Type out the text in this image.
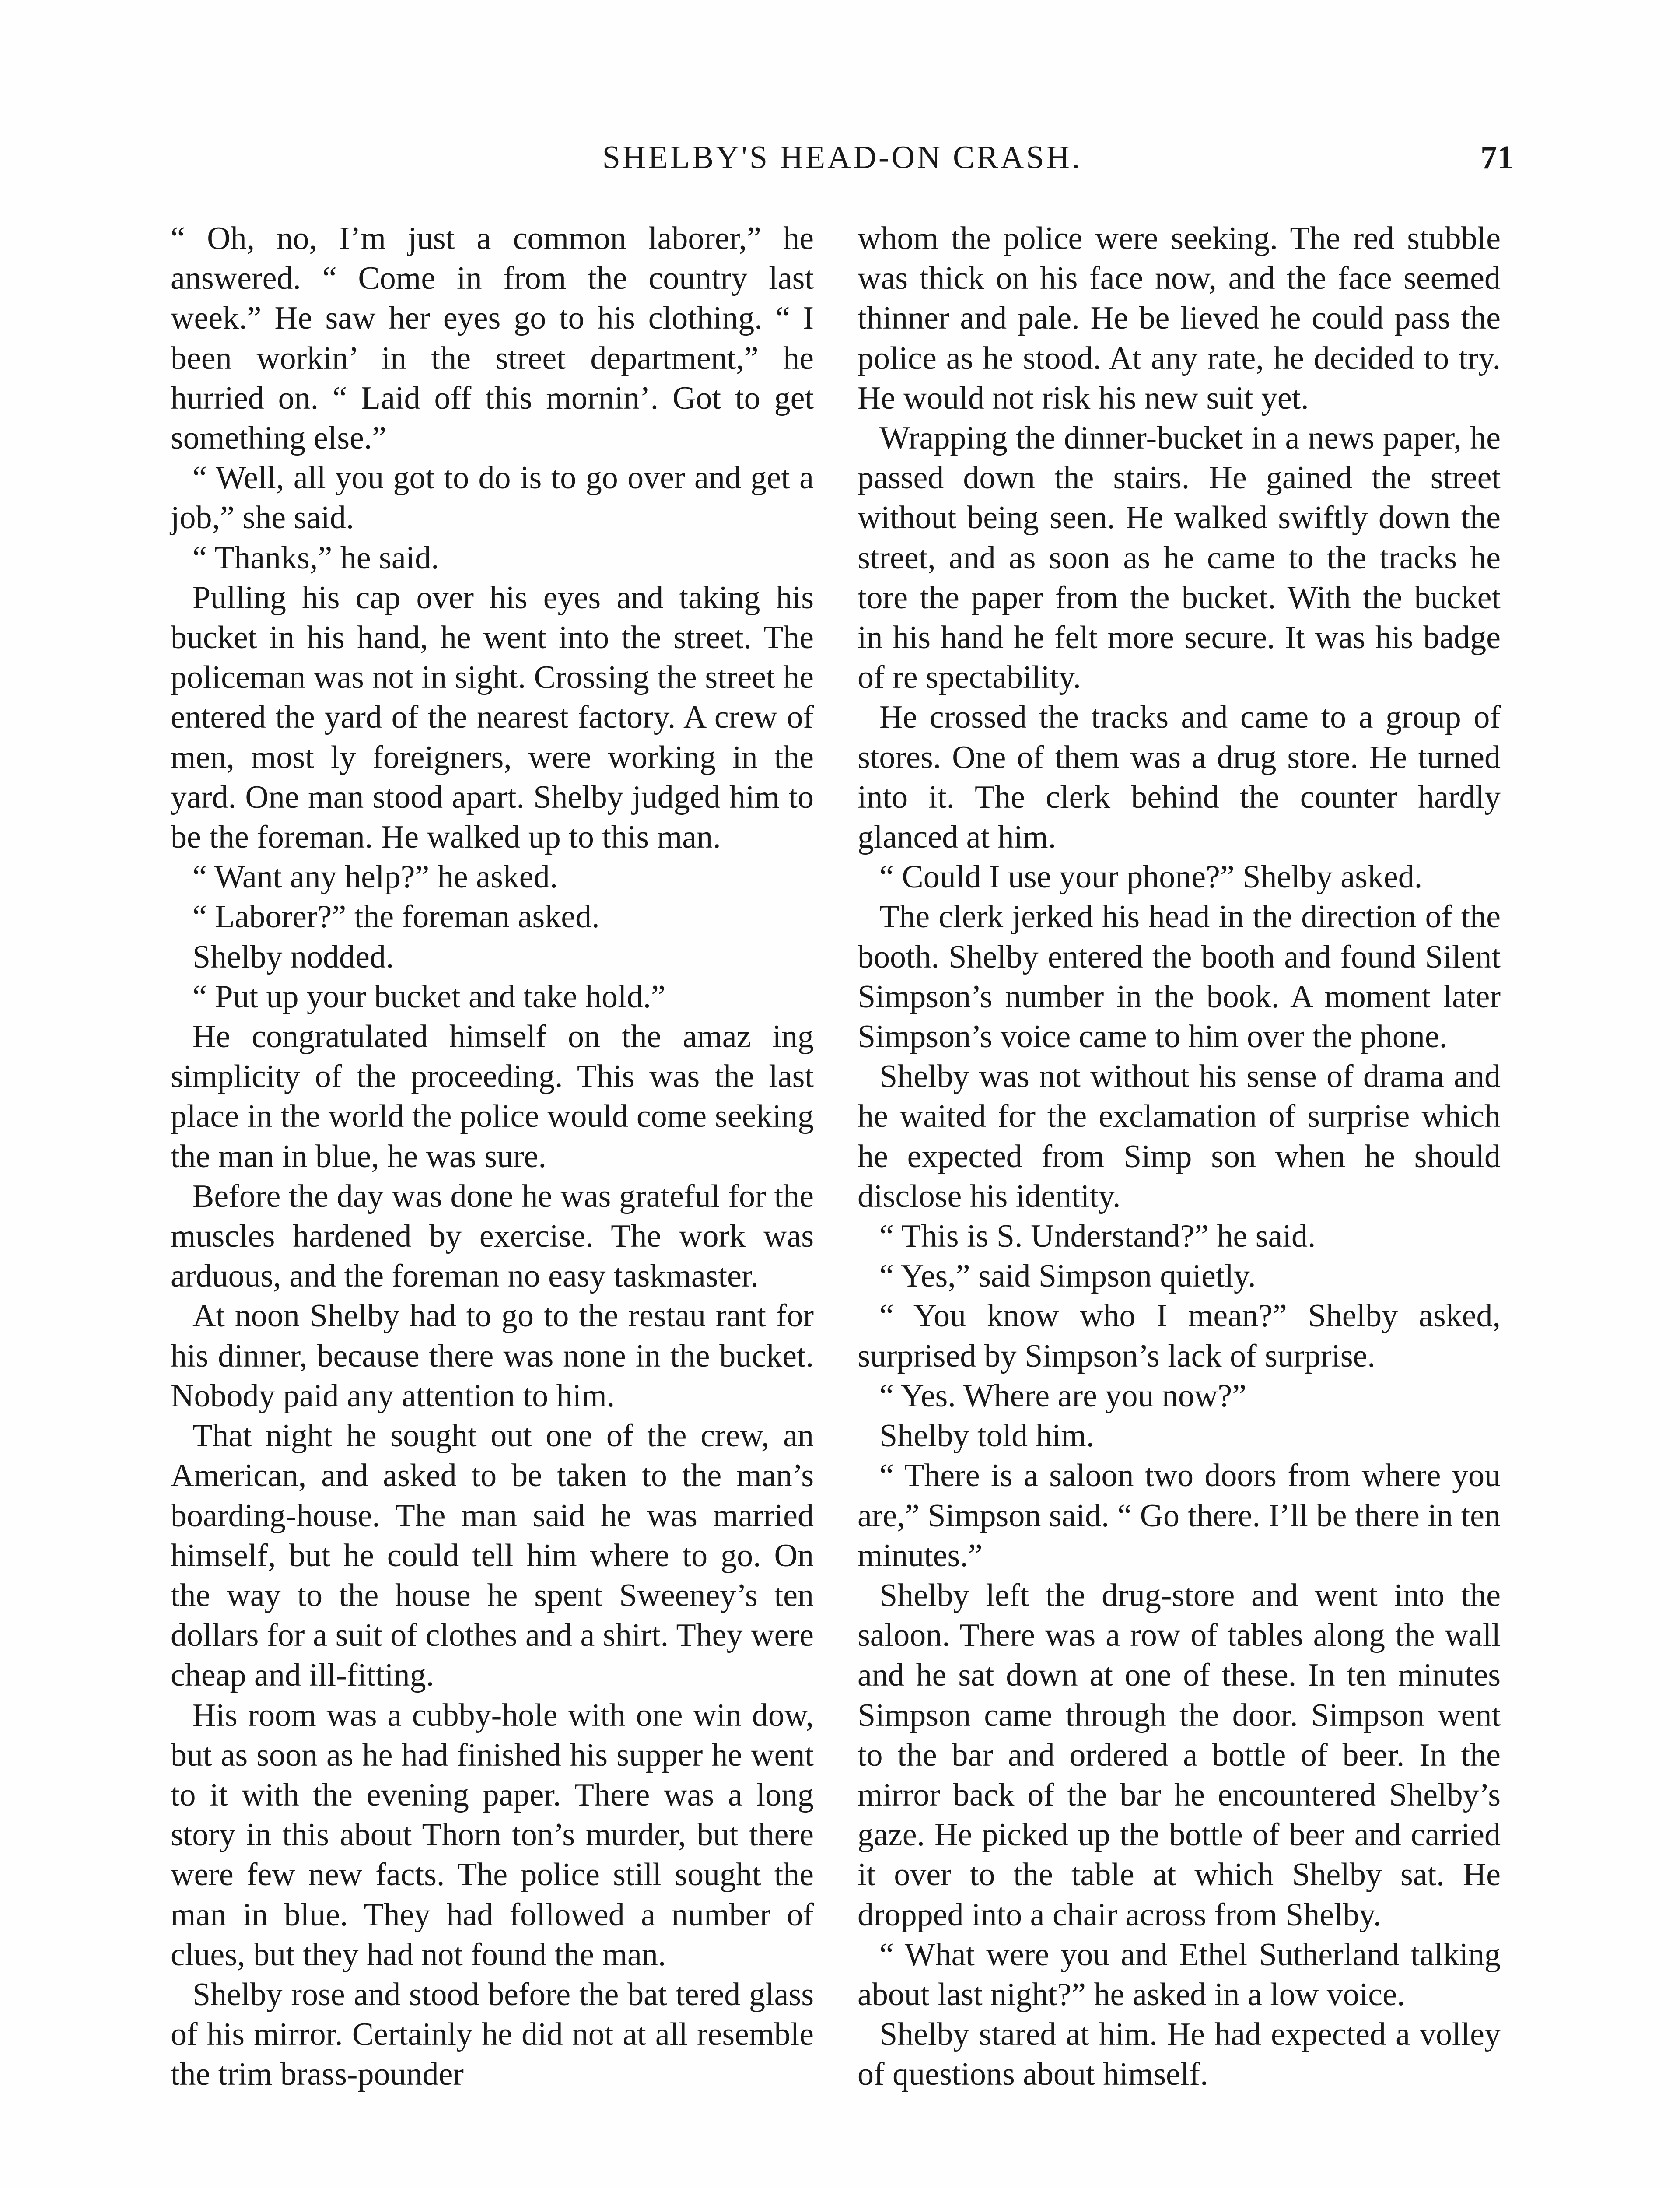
SHELBY'S HEAD-ON CRASH.	71

“ Oh, no, I’m just a common laborer,” he answered. “ Come in from the country last week.” He saw her eyes go to his clothing. “ I been workin’ in the street department,” he hurried on. “ Laid off this mornin’. Got to get something else.”

“ Well, all you got to do is to go over and get a job,” she said.

“ Thanks,” he said.

Pulling his cap over his eyes and taking his bucket in his hand, he went into the street. The policeman was not in sight. Crossing the street he entered the yard of the nearest factory. A crew of men, most ly foreigners, were working in the yard. One man stood apart. Shelby judged him to be the foreman. He walked up to this man.

“ Want any help?” he asked.

“ Laborer?” the foreman asked.

Shelby nodded.

“ Put up your bucket and take hold.”

He congratulated himself on the amaz ing simplicity of the proceeding. This was the last place in the world the police would come seeking the man in blue, he was sure.

Before the day was done he was grateful for the muscles hardened by exercise. The work was arduous, and the foreman no easy taskmaster.

At noon Shelby had to go to the restau rant for his dinner, because there was none in the bucket. Nobody paid any attention to him.

That night he sought out one of the crew, an American, and asked to be taken to the man’s boarding-house. The man said he was married himself, but he could tell him where to go. On the way to the house he spent Sweeney’s ten dollars for a suit of clothes and a shirt. They were cheap and ill-fitting.

His room was a cubby-hole with one win dow, but as soon as he had finished his supper he went to it with the evening paper. There was a long story in this about Thorn ton’s murder, but there were few new facts. The police still sought the man in blue. They had followed a number of clues, but they had not found the man.

Shelby rose and stood before the bat tered glass of his mirror. Certainly he did not at all resemble the trim brass-pounder

whom the police were seeking. The red stubble was thick on his face now, and the face seemed thinner and pale. He be lieved he could pass the police as he stood. At any rate, he decided to try. He would not risk his new suit yet.

Wrapping the dinner-bucket in a news paper, he passed down the stairs. He gained the street without being seen. He walked swiftly down the street, and as soon as he came to the tracks he tore the paper from the bucket. With the bucket in his hand he felt more secure. It was his badge of re spectability.

He crossed the tracks and came to a group of stores. One of them was a drug store. He turned into it. The clerk behind the counter hardly glanced at him.

“ Could I use your phone?” Shelby asked.

The clerk jerked his head in the direction of the booth. Shelby entered the booth and found Silent Simpson’s number in the book. A moment later Simpson’s voice came to him over the phone.

Shelby was not without his sense of drama and he waited for the exclamation of surprise which he expected from Simp son when he should disclose his identity.

“ This is S. Understand?” he said.

“ Yes,” said Simpson quietly.

“ You know who I mean?” Shelby asked, surprised by Simpson’s lack of surprise.

“ Yes. Where are you now?”

Shelby told him.

“ There is a saloon two doors from where you are,” Simpson said. “ Go there. I’ll be there in ten minutes.”

Shelby left the drug-store and went into the saloon. There was a row of tables along the wall and he sat down at one of these. In ten minutes Simpson came through the door. Simpson went to the bar and ordered a bottle of beer. In the mirror back of the bar he encountered Shelby’s gaze. He picked up the bottle of beer and carried it over to the table at which Shelby sat. He dropped into a chair across from Shelby.

“ What were you and Ethel Sutherland talking about last night?” he asked in a low voice.

Shelby stared at him. He had expected a volley of questions about himself.
